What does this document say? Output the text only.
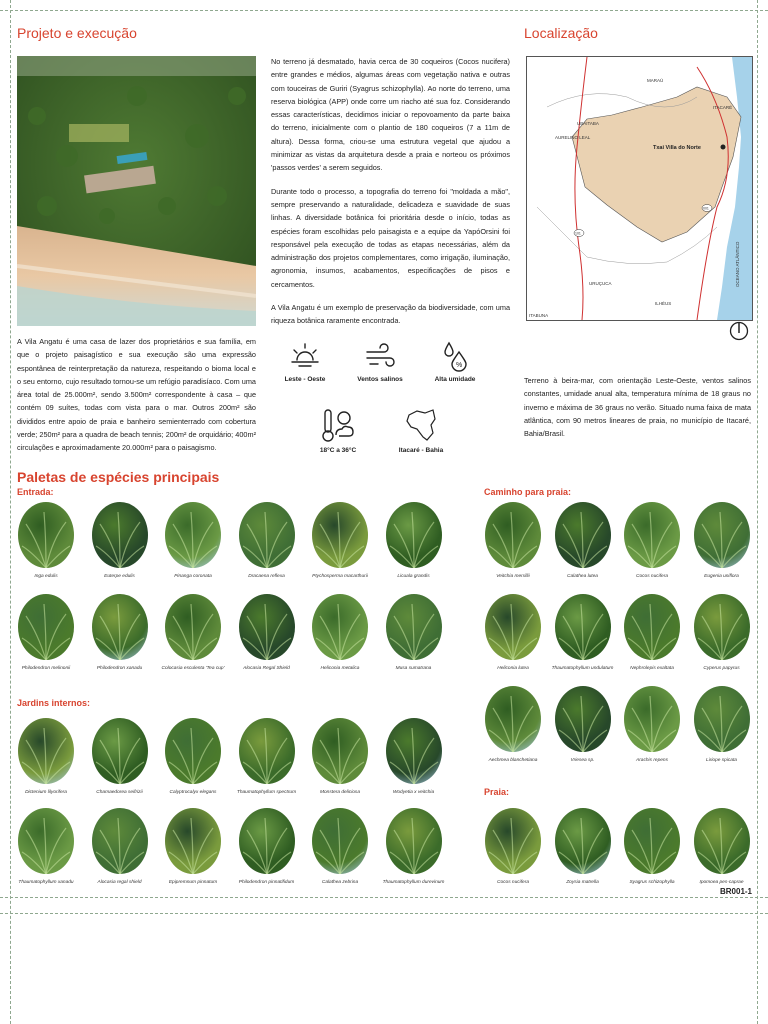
Projeto e execução

A Vila Angatu é uma casa de lazer dos proprietários e sua família, em que o projeto paisagístico e sua execução são uma expressão espontânea de reinterpretação da natureza, respeitando o bioma local e o seu entorno, cujo resultado tornou-se um refúgio paradisíaco. Com uma área total de 25.000m², sendo 3.500m² correspondente à casa – que contém 09 suítes, todas com vista para o mar. Outros 200m² são divididos entre apoio de praia e banheiro semienterrado com cobertura verde; 250m² para a quadra de beach tennis; 200m² de orquidário; 400m² circulações e aproximadamente 20.000m² para o paisagismo.

No terreno já desmatado, havia cerca de 30 coqueiros (Cocos nucifera) entre grandes e médios, algumas áreas com vegetação nativa e outras com touceiras de Guriri (Syagrus schizophylla). Ao norte do terreno, uma reserva biológica (APP) onde corre um riacho até sua foz. Considerando essas características, decidimos iniciar o repovoamento da parte baixa do terreno, inicialmente com o plantio de 180 coqueiros (7 a 11m de altura). Dessa forma, criou-se uma estrutura vegetal que ajudou a minimizar as vistas da arquitetura desde a praia e norteou os próximos 'passos verdes' a serem seguidos.

Durante todo o processo, a topografia do terreno foi "moldada a mão", sempre preservando a naturalidade, delicadeza e suavidade de suas linhas. A diversidade botânica foi prioritária desde o início, todas as espécies foram escolhidas pelo paisagista e a equipe da YapóOrsini foi responsável pela execução de todas as etapas necessárias, além da administração dos projetos complementares, como irrigação, iluminação, agronomia, insumos, acabamentos, especificações de pisos e cercamentos.

A Vila Angatu é um exemplo de preservação da biodiversidade, com uma riqueza botânica raramente encontrada.

Leste - Oeste	Ventos salinos
%
Alta umidade
18°C a 36°C	Itacaré - Bahia
Localização
MARAÚ
ITACARÉ
UBAITABA
AURELINO LEAL
Txai Villa do Norte
URUÇUCA
ILHÉUS
ITABUNA
OCEANO ATLÂNTICO
101
001

Terreno à beira-mar, com orientação Leste-Oeste, ventos salinos constantes, umidade anual alta, temperatura mínima de 18 graus no inverno e máxima de 36 graus no verão. Situado numa faixa de mata atlântica, com 90 metros lineares de praia, no município de Itacaré, Bahia/Brasil.

Paletas de espécies principais
Entrada:
Jardins internos:
Caminho para praia:
Praia:
Inga edulis	Euterpe edulis	Pinanga coronata	Dracaena reflexa	Ptychosperma macarthurii	Licuala grandis
Philodendron melinonii	Philodendron xanadu	Colocasia esculenta 'Tea cup'	Alocasia Regal Shield	Heliconia metalica	Musa sumatrana
Dictenium lilyorifera	Chamaedorea seifrizii	Calyptrocalyx elegans	Thaumatophyllum spectrum	Monstera deliciosa	Wodyetia x veitchia
Thaumatophyllum xanadu	Alocasia regal shield	Epipremnum pinnatum	Philodendron pinnatifidum	Calathea zebrina	Thaumatophyllum durevinum
Veitchia merrillii	Calathea lutea	Cocos nucifera	Eugenia uniflora
Heliconia lutea	Thaumatophyllum undulatum	Nephrolepis exaltata	Cyperus papyrus
Aechmea blanchetiana	Vriesea sp.	Arachis repens	Liriope spicata
Cocos nucifera	Zoysia matrella	Syagrus schizophylla	Ipomoea pes-caprae
BR001-1
